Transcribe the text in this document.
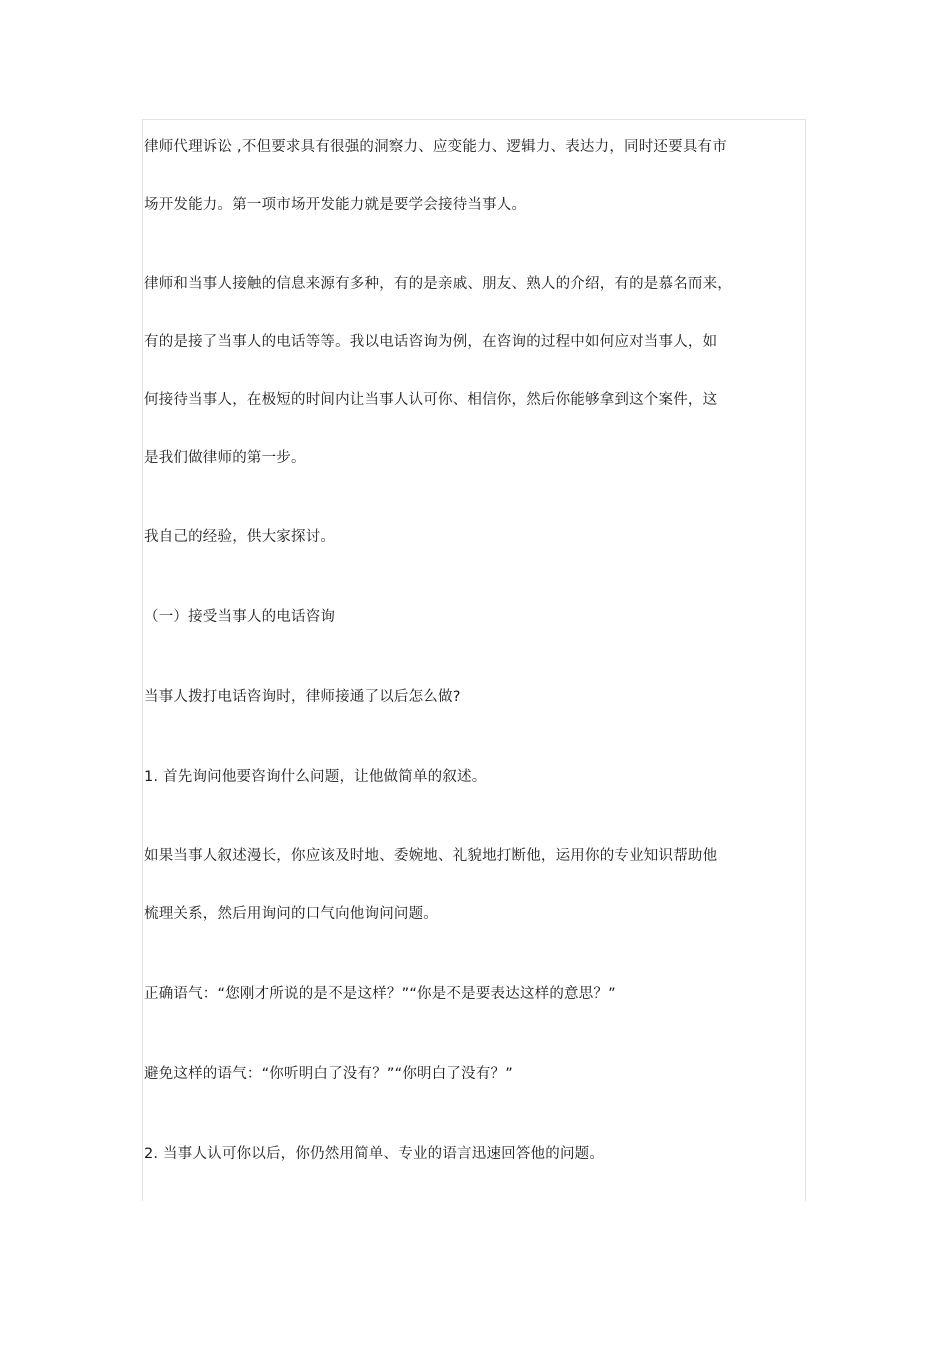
律师代理诉讼 ,不但要求具有很强的洞察力、应变能力、逻辑力、表达力，同时还要具有市
场开发能力。第一项市场开发能力就是要学会接待当事人。
律师和当事人接触的信息来源有多种，有的是亲戚、朋友、熟人的介绍，有的是慕名而来，
有的是接了当事人的电话等等。我以电话咨询为例，在咨询的过程中如何应对当事人，如
何接待当事人，在极短的时间内让当事人认可你、相信你，然后你能够拿到这个案件，这
是我们做律师的第一步。
我自己的经验，供大家探讨。
（一）接受当事人的电话咨询
当事人拨打电话咨询时，律师接通了以后怎么做?
1. 首先询问他要咨询什么问题，让他做简单的叙述。
如果当事人叙述漫长，你应该及时地、委婉地、礼貌地打断他，运用你的专业知识帮助他
梳理关系，然后用询问的口气向他询问问题。
正确语气：“您刚才所说的是不是这样？”“你是不是要表达这样的意思？”
避免这样的语气：“你听明白了没有？”“你明白了没有？”
2. 当事人认可你以后，你仍然用简单、专业的语言迅速回答他的问题。
